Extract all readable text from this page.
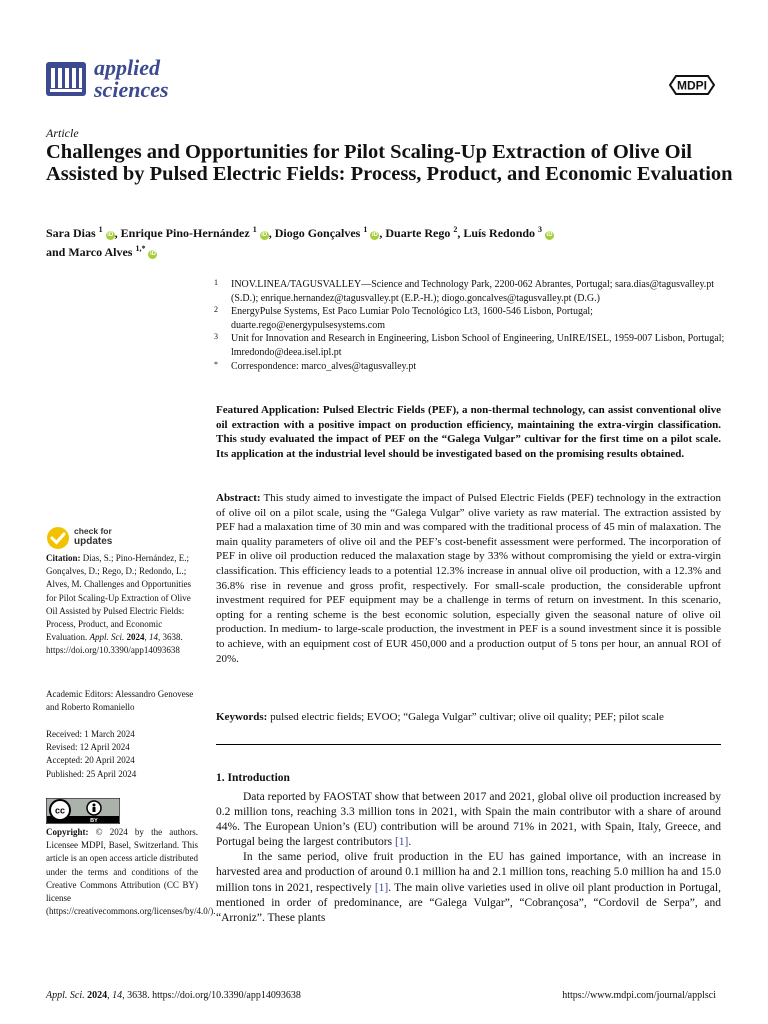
applied
sciences	MDPI
Article
Challenges and Opportunities for Pilot Scaling-Up Extraction of Olive Oil Assisted by Pulsed Electric Fields: Process, Product, and Economic Evaluation
Sara Dias $^1$ iD , Enrique Pino-Hernández $^1$ iD , Diogo Gonçalves $^1$ iD , Duarte Rego $^2$, Luís Redondo $^3$ iD
and Marco Alves $^{1,*}$ iD
1 INOV.LINEA/TAGUSVALLEY—Science and Technology Park, 2200-062 Abrantes, Portugal; sara.dias@tagusvalley.pt (S.D.); enrique.hernandez@tagusvalley.pt (E.P.-H.); diogo.goncalves@tagusvalley.pt (D.G.)
2 EnergyPulse Systems, Est Paco Lumiar Polo Tecnológico Lt3, 1600-546 Lisbon, Portugal; duarte.rego@energypulsesystems.com
3 Unit for Innovation and Research in Engineering, Lisbon School of Engineering, UnIRE/ISEL, 1959-007 Lisbon, Portugal; lmredondo@deea.isel.ipl.pt
* Correspondence: marco_alves@tagusvalley.pt
Featured Application: Pulsed Electric Fields (PEF), a non-thermal technology, can assist conventional olive oil extraction with a positive impact on production efficiency, maintaining the extra-virgin classification. This study evaluated the impact of PEF on the “Galega Vulgar” cultivar for the first time on a pilot scale. Its application at the industrial level should be investigated based on the promising results obtained.
Abstract: This study aimed to investigate the impact of Pulsed Electric Fields (PEF) technology in the extraction of olive oil on a pilot scale, using the “Galega Vulgar” olive variety as raw material. The extraction assisted by PEF had a malaxation time of 30 min and was compared with the traditional process of 45 min of malaxation. The main quality parameters of olive oil and the PEF’s cost-benefit assessment were performed. The incorporation of PEF in olive oil production reduced the malaxation stage by 33% without compromising the yield or extra-virgin classification. This efficiency leads to a potential 12.3% increase in annual olive oil production, with a 12.3% and 36.8% rise in revenue and gross profit, respectively. For small-scale production, the considerable upfront investment required for PEF equipment may be a challenge in terms of return on investment. In this scenario, opting for a renting scheme is the best economic solution, especially given the seasonal nature of olive oil production. In medium- to large-scale production, the investment in PEF is a sound investment since it is possible to achieve, with an equipment cost of EUR 450,000 and a production output of 5 tons per hour, an annual ROI of 20%.
Keywords: pulsed electric fields; EVOO; “Galega Vulgar” cultivar; olive oil quality; PEF; pilot scale
1. Introduction

Data reported by FAOSTAT show that between 2017 and 2021, global olive oil production increased by 0.2 million tons, reaching 3.3 million tons in 2021, with Spain the main contributor with a share of around 44%. The European Union’s (EU) contribution will be around 71% in 2021, with Spain, Italy, Greece, and Portugal being the largest contributors [1].

In the same period, olive fruit production in the EU has gained importance, with an increase in harvested area and production of around 0.1 million ha and 2.1 million tons, reaching 5.0 million ha and 15.0 million tons in 2021, respectively [1]. The main olive varieties used in olive oil plant production in Portugal, mentioned in order of predominance, are “Galega Vulgar”, “Cobrançosa”, “Cordovil de Serpa”, and “Arroniz”. These plants

check for
updates
Citation: Dias, S.; Pino-Hernández, E.; Gonçalves, D.; Rego, D.; Redondo, L.; Alves, M. Challenges and Opportunities for Pilot Scaling-Up Extraction of Olive Oil Assisted by Pulsed Electric Fields: Process, Product, and Economic Evaluation. Appl. Sci. 2024, 14, 3638. https://doi.org/10.3390/app14093638
Academic Editors: Alessandro Genovese and Roberto Romaniello
Received: 1 March 2024
Revised: 12 April 2024
Accepted: 20 April 2024
Published: 25 April 2024
cc
BY
Copyright: © 2024 by the authors. Licensee MDPI, Basel, Switzerland. This article is an open access article distributed under the terms and conditions of the Creative Commons Attribution (CC BY) license (https://creativecommons.org/licenses/by/4.0/).
Appl. Sci. 2024, 14, 3638. https://doi.org/10.3390/app14093638	https://www.mdpi.com/journal/applsci
